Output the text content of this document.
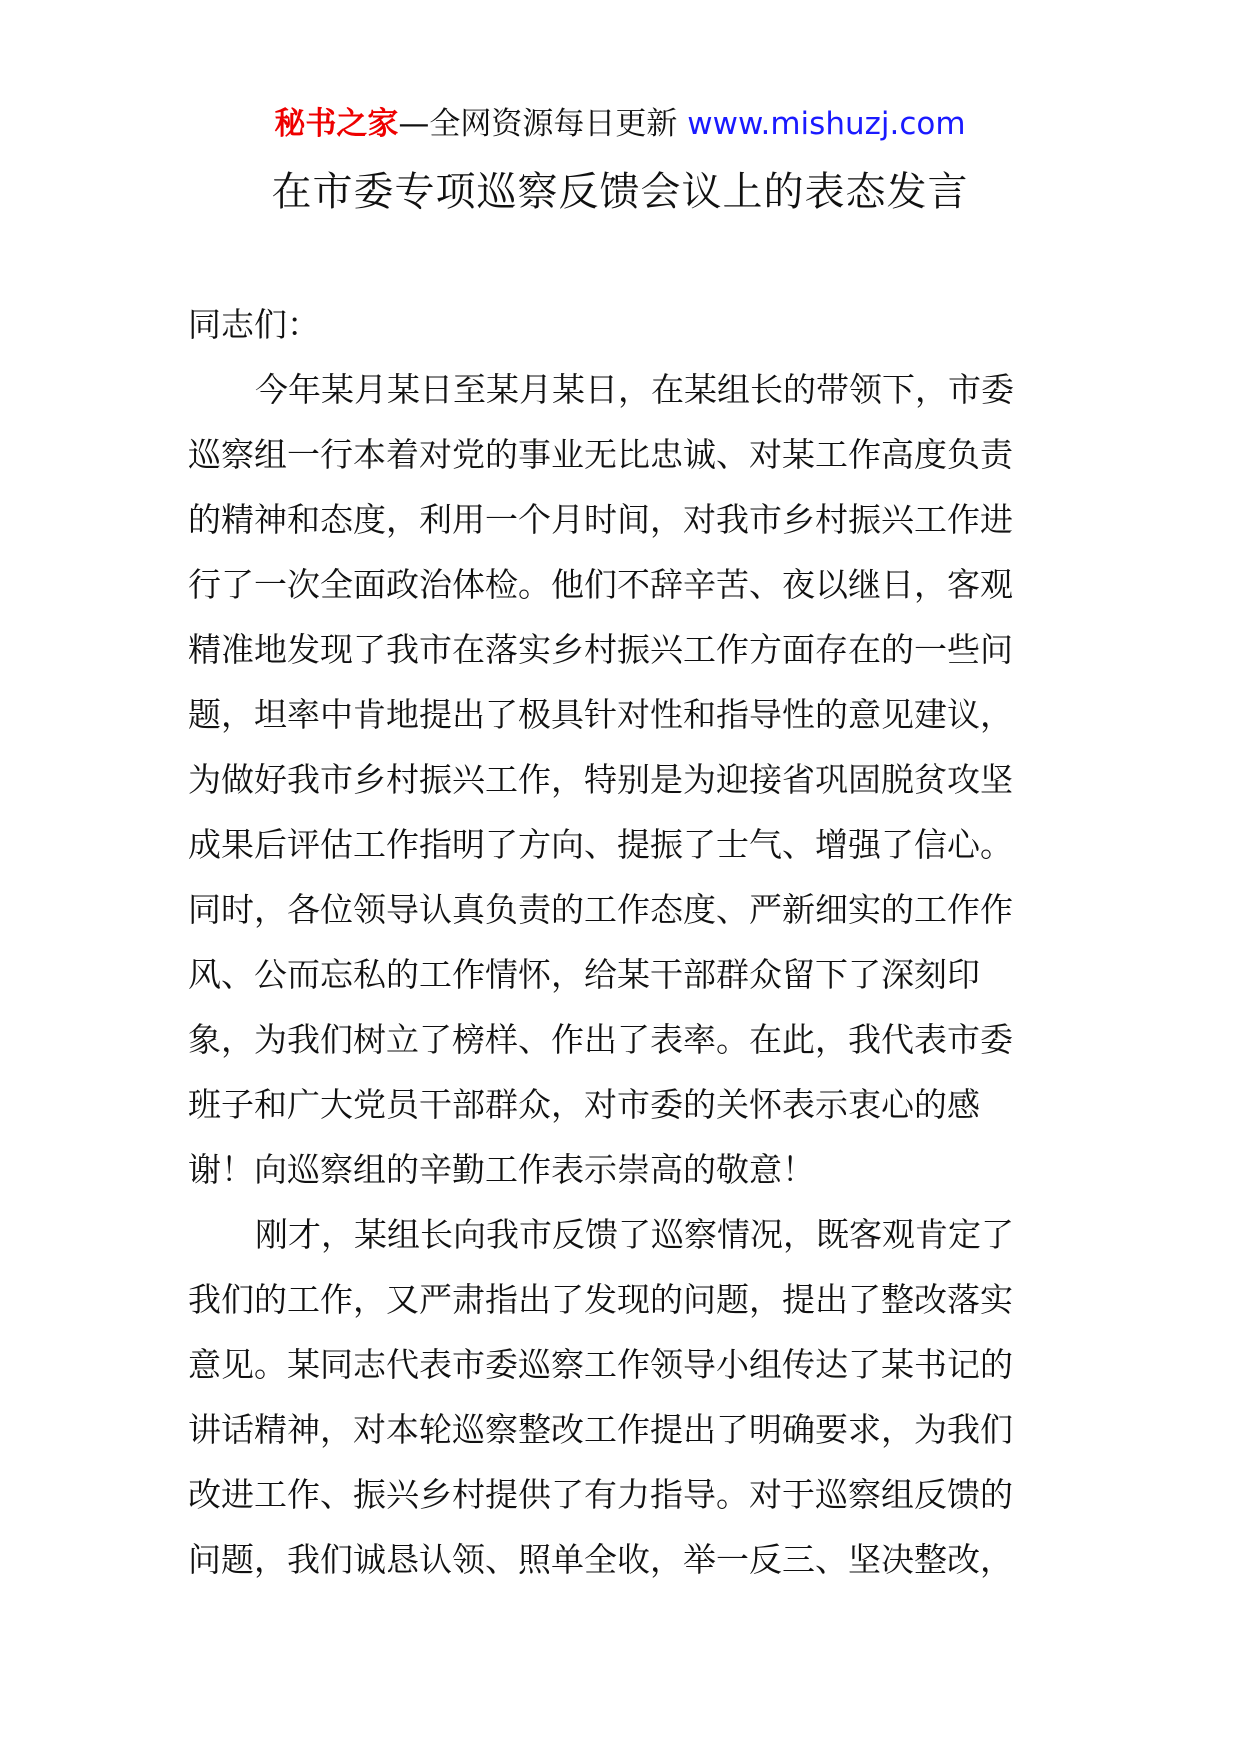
秘书之家—全网资源每日更新 www.mishuzj.com
在市委专项巡察反馈会议上的表态发言
同志们：
今年某月某日至某月某日，在某组长的带领下，市委
巡察组一行本着对党的事业无比忠诚、对某工作高度负责
的精神和态度，利用一个月时间，对我市乡村振兴工作进
行了一次全面政治体检。他们不辞辛苦、夜以继日，客观
精准地发现了我市在落实乡村振兴工作方面存在的一些问
题，坦率中肯地提出了极具针对性和指导性的意见建议，
为做好我市乡村振兴工作，特别是为迎接省巩固脱贫攻坚
成果后评估工作指明了方向、提振了士气、增强了信心。
同时，各位领导认真负责的工作态度、严新细实的工作作
风、公而忘私的工作情怀，给某干部群众留下了深刻印
象，为我们树立了榜样、作出了表率。在此，我代表市委
班子和广大党员干部群众，对市委的关怀表示衷心的感
谢！向巡察组的辛勤工作表示崇高的敬意！
刚才，某组长向我市反馈了巡察情况，既客观肯定了
我们的工作，又严肃指出了发现的问题，提出了整改落实
意见。某同志代表市委巡察工作领导小组传达了某书记的
讲话精神，对本轮巡察整改工作提出了明确要求，为我们
改进工作、振兴乡村提供了有力指导。对于巡察组反馈的
问题，我们诚恳认领、照单全收，举一反三、坚决整改，
